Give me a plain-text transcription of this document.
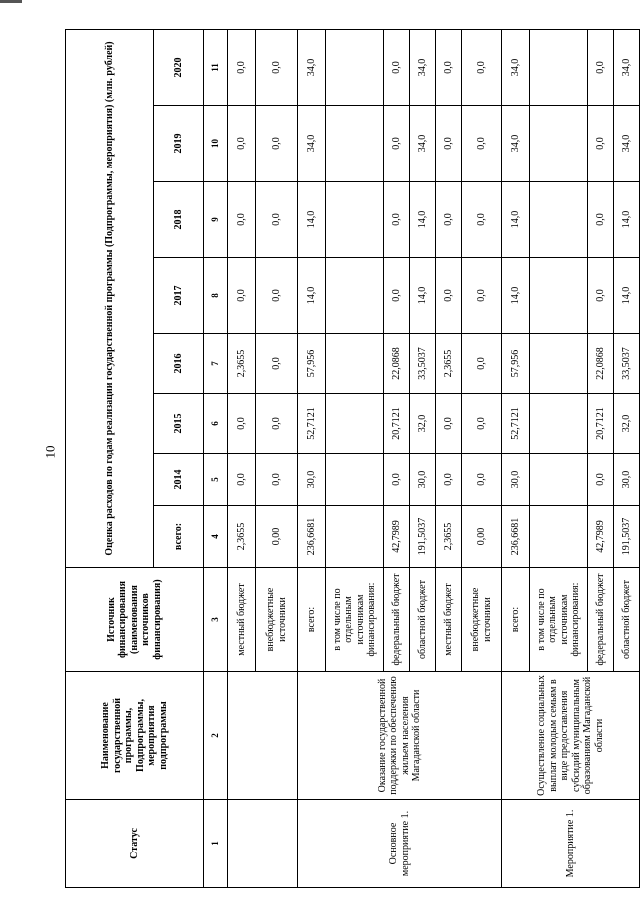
10
Статус	Наименование государственной программы, Подпрограммы, мероприятия подпрограммы	Источник финансирования (наименования источников финансирования)	Оценка расходов по годам реализации государственной программы (Подпрограммы, мероприятия) (млн. рублей)							
			всего:	2014	2015	2016	2017	2018	2019	2020
1	2	3	4	5	6	7	8	9	10	11
		местный бюджет	2,3655	0,0	0,0	2,3655	0,0	0,0	0,0	0,0
		внебюджетные источники	0,00	0,0	0,0	0,0	0,0	0,0	0,0	0,0
Основное мероприятие 1.	Оказание государственной поддержки по обеспечению жильем населения Магаданской области	всего:	236,6681	30,0	52,7121	57,956	14,0	14,0	34,0	34,0
		в том числе по отдельным источникам финансирования:								
		федеральный бюджет	42,7989	0,0	20,7121	22,0868	0,0	0,0	0,0	0,0
		областной бюджет	191,5037	30,0	32,0	33,5037	14,0	14,0	34,0	34,0
		местный бюджет	2,3655	0,0	0,0	2,3655	0,0	0,0	0,0	0,0
		внебюджетные источники	0,00	0,0	0,0	0,0	0,0	0,0	0,0	0,0
Мероприятие 1.	Осуществление социальных выплат молодым семьям в виде предоставления субсидий муниципальным образованиям Магаданской области	всего:	236,6681	30,0	52,7121	57,956	14,0	14,0	34,0	34,0
		в том числе по отдельным источникам финансирования:								
		федеральный бюджет	42,7989	0,0	20,7121	22,0868	0,0	0,0	0,0	0,0
		областной бюджет	191,5037	30,0	32,0	33,5037	14,0	14,0	34,0	34,0
